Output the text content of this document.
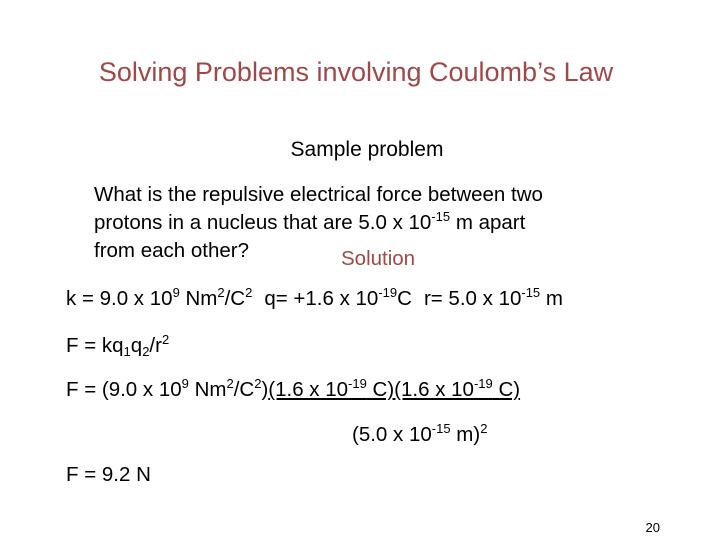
Solving Problems involving Coulomb’s Law
Sample problem
What is the repulsive electrical force between two
protons in a nucleus that are 5.0 x $10^{-15}$ m apart
from each other?	Solution
k = 9.0 x $10^9$ $Nm^2/C^2$ q= +1.6 x $10^{-19}C$ r= 5.0 x $10^{-15}$ m
$F = kq_1q_2/r^2$
F = (9.0 x $10^9$ $Nm^2/C^2)(1.6$ x $10^{-19}$ C)(1.6 x $10^{-19}$ C)
(5.0 x $10^{-15}$ m)$^2$
F = 9.2 N
20
